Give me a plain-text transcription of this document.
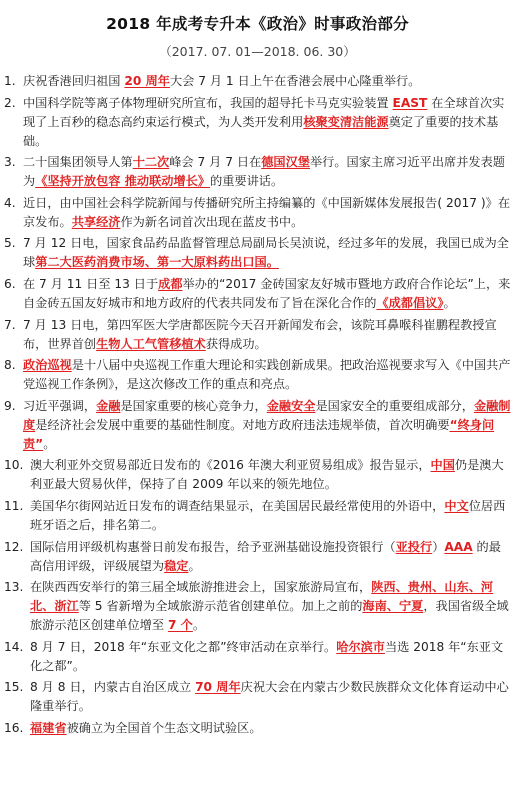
2018 年成考专升本《政治》时事政治部分
（2017. 07. 01—2018. 06. 30）
1. 庆祝香港回归祖国 20 周年大会 7 月 1 日上午在香港会展中心隆重举行。
2. 中国科学院等离子体物理研究所宣布，我国的超导托卡马克实验装置 EAST 在全球首次实现了上百秒的稳态高约束运行模式，为人类开发利用核聚变清洁能源奠定了重要的技术基础。
3. 二十国集团领导人第十二次峰会 7 月 7 日在德国汉堡举行。国家主席习近平出席并发表题为《坚持开放包容 推动联动增长》的重要讲话。
4. 近日，由中国社会科学院新闻与传播研究所主持编纂的《中国新媒体发展报告( 2017 )》在京发布。共享经济作为新名词首次出现在蓝皮书中。
5. 7 月 12 日电，国家食品药品监督管理总局副局长吴浈说，经过多年的发展，我国已成为全球第二大医药消费市场、第一大原料药出口国。
6. 在 7 月 11 日至 13 日于成都举办的“2017 金砖国家友好城市暨地方政府合作论坛”上，来自金砖五国友好城市和地方政府的代表共同发布了旨在深化合作的《成都倡议》。
7. 7 月 13 日电，第四军医大学唐都医院今天召开新闻发布会，该院耳鼻喉科崔鹏程教授宣布，世界首创生物人工气管移植术获得成功。
8. 政治巡视是十八届中央巡视工作重大理论和实践创新成果。把政治巡视要求写入《中国共产党巡视工作条例》，是这次修改工作的重点和亮点。
9. 习近平强调，金融是国家重要的核心竞争力，金融安全是国家安全的重要组成部分，金融制度是经济社会发展中重要的基础性制度。对地方政府违法违规举债，首次明确要“终身问责”。
10. 澳大利亚外交贸易部近日发布的《2016 年澳大利亚贸易组成》报告显示，中国仍是澳大利亚最大贸易伙伴，保持了自 2009 年以来的领先地位。
11. 美国华尔街网站近日发布的调查结果显示，在美国居民最经常使用的外语中，中文位居西班牙语之后，排名第二。
12. 国际信用评级机构惠誉日前发布报告，给予亚洲基础设施投资银行（亚投行）AAA 的最高信用评级，评级展望为稳定。
13. 在陕西西安举行的第三届全域旅游推进会上，国家旅游局宣布，陕西、贵州、山东、河北、浙江等 5 省新增为全域旅游示范省创建单位。加上之前的海南、宁夏，我国省级全域旅游示范区创建单位增至 7 个。
14. 8 月 7 日，2018 年“东亚文化之都”终审活动在京举行。哈尔滨市当选 2018 年“东亚文化之都”。
15. 8 月 8 日，内蒙古自治区成立 70 周年庆祝大会在内蒙古少数民族群众文化体育运动中心隆重举行。
16. 福建省被确立为全国首个生态文明试验区。
